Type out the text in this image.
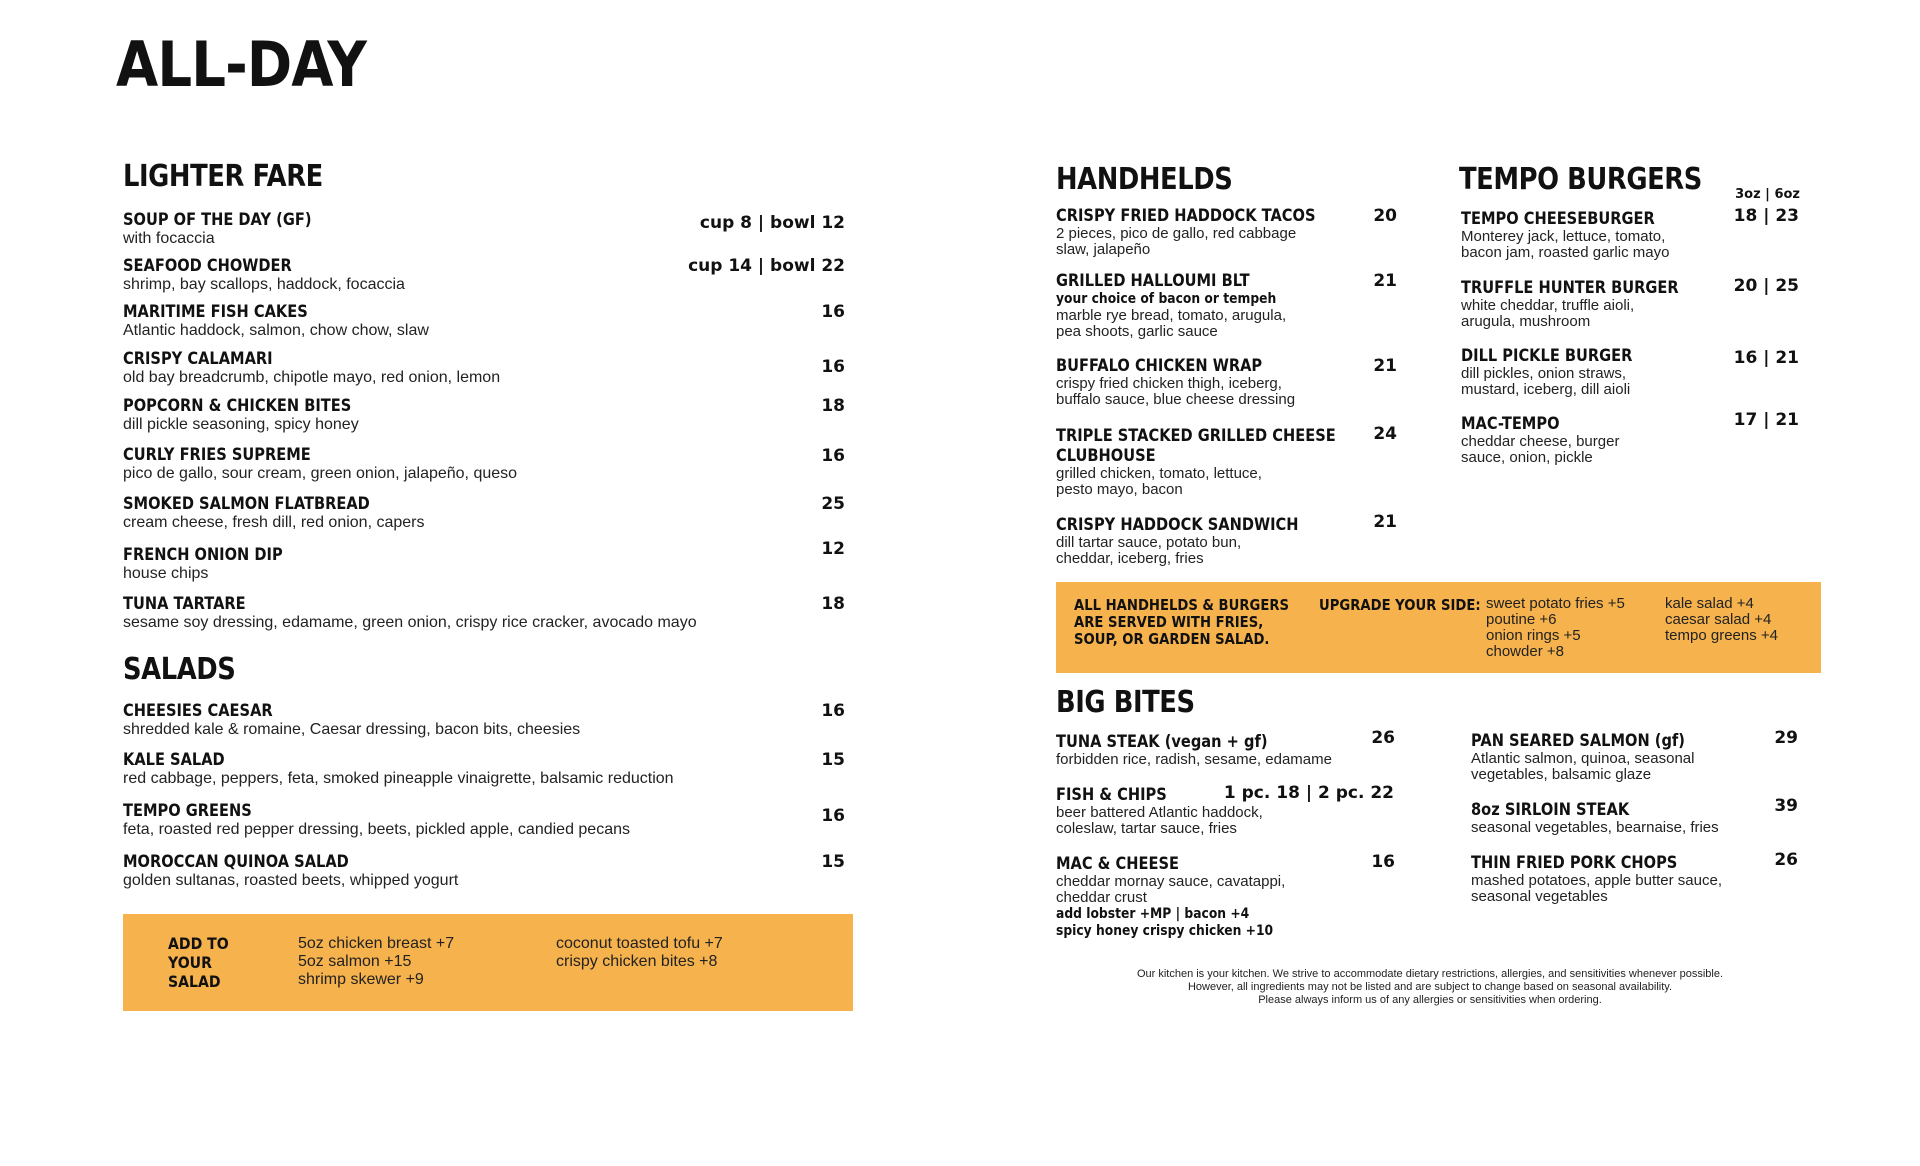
ALL-DAY
LIGHTER FARE
SOUP OF THE DAY (GF)
with focaccia
cup 8 | bowl 12
SEAFOOD CHOWDER
shrimp, bay scallops, haddock, focaccia
cup 14 | bowl 22
MARITIME FISH CAKES
Atlantic haddock, salmon, chow chow, slaw
16
CRISPY CALAMARI
old bay breadcrumb, chipotle mayo, red onion, lemon
16
POPCORN & CHICKEN BITES
dill pickle seasoning, spicy honey
18
CURLY FRIES SUPREME
pico de gallo, sour cream, green onion, jalapeño, queso
16
SMOKED SALMON FLATBREAD
cream cheese, fresh dill, red onion, capers
25
FRENCH ONION DIP
house chips
12
TUNA TARTARE
sesame soy dressing, edamame, green onion, crispy rice cracker, avocado mayo
18
SALADS
CHEESIES CAESAR
shredded kale & romaine, Caesar dressing, bacon bits, cheesies
16
KALE SALAD
red cabbage, peppers, feta, smoked pineapple vinaigrette, balsamic reduction
15
TEMPO GREENS
feta, roasted red pepper dressing, beets, pickled apple, candied pecans
16
MOROCCAN QUINOA SALAD
golden sultanas, roasted beets, whipped yogurt
15
ADD TO
YOUR
SALAD
5oz chicken breast +7
5oz salmon +15
shrimp skewer +9
coconut toasted tofu +7
crispy chicken bites +8
HANDHELDS
CRISPY FRIED HADDOCK TACOS
2 pieces, pico de gallo, red cabbage
slaw, jalapeño
20
GRILLED HALLOUMI BLT
your choice of bacon or tempeh
marble rye bread, tomato, arugula,
pea shoots, garlic sauce
21
BUFFALO CHICKEN WRAP
crispy fried chicken thigh, iceberg,
buffalo sauce, blue cheese dressing
21
TRIPLE STACKED GRILLED CHEESE
CLUBHOUSE
grilled chicken, tomato, lettuce,
pesto mayo, bacon
24
CRISPY HADDOCK SANDWICH
dill tartar sauce, potato bun,
cheddar, iceberg, fries
21
TEMPO BURGERS	3oz | 6oz
TEMPO CHEESEBURGER
Monterey jack, lettuce, tomato,
bacon jam, roasted garlic mayo
18 | 23
TRUFFLE HUNTER BURGER
white cheddar, truffle aioli,
arugula, mushroom
20 | 25
DILL PICKLE BURGER
dill pickles, onion straws,
mustard, iceberg, dill aioli
16 | 21
MAC-TEMPO
cheddar cheese, burger
sauce, onion, pickle
17 | 21
ALL HANDHELDS & BURGERS
ARE SERVED WITH FRIES,
SOUP, OR GARDEN SALAD.
UPGRADE YOUR SIDE: sweet potato fries +5
poutine +6
onion rings +5
chowder +8
kale salad +4
caesar salad +4
tempo greens +4
BIG BITES
TUNA STEAK (vegan + gf)
forbidden rice, radish, sesame, edamame
26
FISH & CHIPS
beer battered Atlantic haddock,
coleslaw, tartar sauce, fries
1 pc. 18 | 2 pc. 22
MAC & CHEESE
cheddar mornay sauce, cavatappi,
cheddar crust
add lobster +MP | bacon +4
spicy honey crispy chicken +10
16
PAN SEARED SALMON (gf)
Atlantic salmon, quinoa, seasonal
vegetables, balsamic glaze
29
8oz SIRLOIN STEAK
seasonal vegetables, bearnaise, fries
39
THIN FRIED PORK CHOPS
mashed potatoes, apple butter sauce,
seasonal vegetables
26
Our kitchen is your kitchen. We strive to accommodate dietary restrictions, allergies, and sensitivities whenever possible.
However, all ingredients may not be listed and are subject to change based on seasonal availability.
Please always inform us of any allergies or sensitivities when ordering.
